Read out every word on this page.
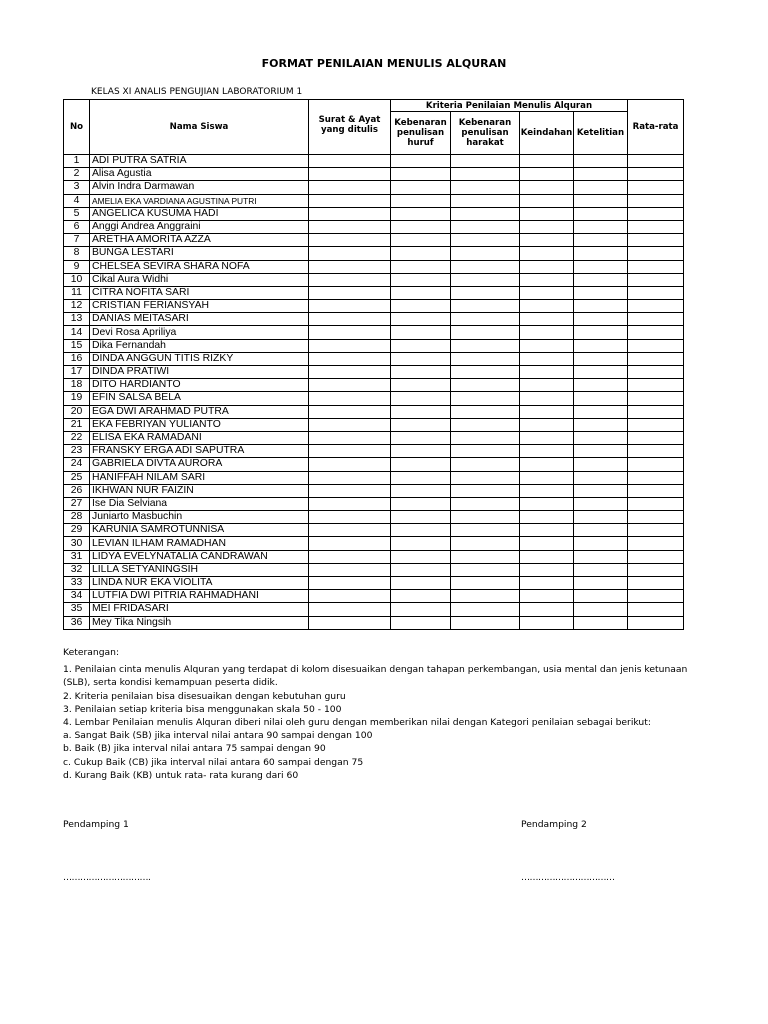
FORMAT PENILAIAN MENULIS ALQURAN
KELAS XI ANALIS PENGUJIAN LABORATORIUM 1
No	Nama Siswa	Surat & Ayat yang ditulis	Kriteria Penilaian Menulis Alquran				Rata-rata
			Kebenaran penulisan huruf	Kebenaran penulisan harakat	Keindahan	Ketelitian	
1	ADI PUTRA SATRIA						
2	Alisa Agustia						
3	Alvin Indra Darmawan						
4	AMELIA EKA VARDIANA AGUSTINA PUTRI						
5	ANGELICA KUSUMA HADI						
6	Anggi Andrea Anggraini						
7	ARETHA AMORITA AZZA						
8	BUNGA LESTARI						
9	CHELSEA SEVIRA SHARA NOFA						
10	Cikal Aura Widhi						
11	CITRA NOFITA SARI						
12	CRISTIAN FERIANSYAH						
13	DANIAS MEITASARI						
14	Devi Rosa Apriliya						
15	Dika Fernandah						
16	DINDA ANGGUN TITIS RIZKY						
17	DINDA PRATIWI						
18	DITO HARDIANTO						
19	EFIN SALSA BELA						
20	EGA DWI ARAHMAD PUTRA						
21	EKA FEBRIYAN YULIANTO						
22	ELISA EKA RAMADANI						
23	FRANSKY ERGA ADI SAPUTRA						
24	GABRIELA DIVTA AURORA						
25	HANIFFAH NILAM SARI						
26	IKHWAN NUR FAIZIN						
27	Ise Dia Selviana						
28	Juniarto Masbuchin						
29	KARUNIA SAMROTUNNISA						
30	LEVIAN ILHAM RAMADHAN						
31	LIDYA EVELYNATALIA CANDRAWAN						
32	LILLA SETYANINGSIH						
33	LINDA NUR EKA VIOLITA						
34	LUTFIA DWI PITRIA RAHMADHANI						
35	MEI FRIDASARI						
36	Mey Tika Ningsih						

Keterangan:

1. Penilaian cinta menulis Alquran yang terdapat di kolom disesuaikan dengan tahapan perkembangan, usia mental dan jenis ketunaan (SLB), serta kondisi kemampuan peserta didik.

2. Kriteria penilaian bisa disesuaikan dengan kebutuhan guru

3. Penilaian setiap kriteria bisa menggunakan skala 50 - 100

4. Lembar Penilaian menulis Alquran diberi nilai oleh guru dengan memberikan nilai dengan Kategori penilaian sebagai berikut:

a. Sangat Baik (SB) jika interval nilai antara 90 sampai dengan 100

b. Baik (B) jika interval nilai antara 75 sampai dengan 90

c. Cukup Baik (CB) jika interval nilai antara 60 sampai dengan 75

d. Kurang Baik (KB) untuk rata- rata kurang dari 60

Pendamping 1	Pendamping 2
………………………….	……………………………
